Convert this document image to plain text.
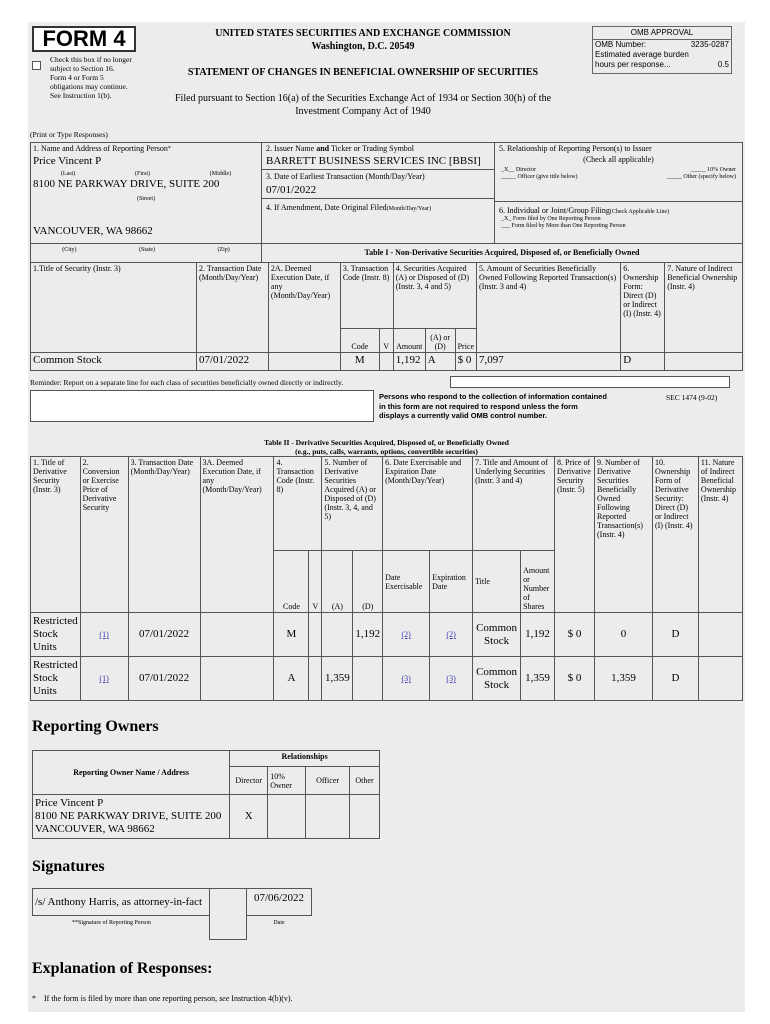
FORM 4
Check this box if no longer subject to Section 16. Form 4 or Form 5 obligations may continue. See Instruction 1(b).
UNITED STATES SECURITIES AND EXCHANGE COMMISSION
Washington, D.C. 20549
STATEMENT OF CHANGES IN BENEFICIAL OWNERSHIP OF SECURITIES
Filed pursuant to Section 16(a) of the Securities Exchange Act of 1934 or Section 30(h) of the
Investment Company Act of 1940
OMB APPROVAL
OMB Number:	3235-0287
Estimated average burden
hours per response...	0.5
(Print or Type Responses)
1. Name and Address of Reporting Person*
Price Vincent P
(Last)	(First)	(Middle)
8100 NE PARKWAY DRIVE, SUITE 200
(Street)
VANCOUVER, WA 98662
(City)	(State)	(Zip)
2. Issuer Name and Ticker or Trading Symbol
BARRETT BUSINESS SERVICES INC [BBSI]
3. Date of Earliest Transaction (Month/Day/Year)
07/01/2022
4. If Amendment, Date Original Filed(Month/Day/Year)
5. Relationship of Reporting Person(s) to Issuer
(Check all applicable)
_X__ Director	_____ 10% Owner
_____ Officer (give title below)	_____ Other (specify below)
6. Individual or Joint/Group Filing(Check Applicable Line)
_X_ Form filed by One Reporting Person
___ Form filed by More than One Reporting Person
Table I - Non-Derivative Securities Acquired, Disposed of, or Beneficially Owned
1.Title of Security (Instr. 3)	2. Transaction Date (Month/Day/Year)	2A. Deemed Execution Date, if any (Month/Day/Year)	3. Transaction Code (Instr. 8)		4. Securities Acquired (A) or Disposed of (D) (Instr. 3, 4 and 5)			5. Amount of Securities Beneficially Owned Following Reported Transaction(s) (Instr. 3 and 4)	6. Ownership Form: Direct (D) or Indirect (I) (Instr. 4)	7. Nature of Indirect Beneficial Ownership (Instr. 4)
			Code	V	Amount	(A) or (D)	Price			
Common Stock	07/01/2022		M		1,192	A	$ 0	7,097	D	
Reminder: Report on a separate line for each class of securities beneficially owned directly or indirectly.
Persons who respond to the collection of information contained
in this form are not required to respond unless the form
displays a currently valid OMB control number.
SEC 1474 (9-02)
Table II - Derivative Securities Acquired, Disposed of, or Beneficially Owned
(e.g., puts, calls, warrants, options, convertible securities)
1. Title of Derivative Security (Instr. 3)	2. Conversion or Exercise Price of Derivative Security	3. Transaction Date (Month/Day/Year)	3A. Deemed Execution Date, if any (Month/Day/Year)	4. Transaction Code (Instr. 8)		5. Number of Derivative Securities Acquired (A) or Disposed of (D) (Instr. 3, 4, and 5)		6. Date Exercisable and Expiration Date (Month/Day/Year)		7. Title and Amount of Underlying Securities (Instr. 3 and 4)		8. Price of Derivative Security (Instr. 5)	9. Number of Derivative Securities Beneficially Owned Following Reported Transaction(s) (Instr. 4)	10. Ownership Form of Derivative Security: Direct (D) or Indirect (I) (Instr. 4)	11. Nature of Indirect Beneficial Ownership (Instr. 4)
				Code	V	(A)	(D)	Date Exercisable	Expiration Date	Title	Amount or Number of Shares				
Restricted Stock Units	(1)	07/01/2022		M			1,192	(2)	(2)	Common Stock	1,192	$ 0	0	D	
Restricted Stock Units	(1)	07/01/2022		A		1,359		(3)	(3)	Common Stock	1,359	$ 0	1,359	D	
Reporting Owners
Reporting Owner Name / Address	Relationships			
	Director	10% Owner	Officer	Other

Price Vincent P
8100 NE PARKWAY DRIVE, SUITE 200
VANCOUVER, WA 98662	X			
Signatures
/s/ Anthony Harris, as attorney-in-fact
**Signature of Reporting Person
07/06/2022
Date
Explanation of Responses:
* If the form is filed by more than one reporting person, see Instruction 4(b)(v).
